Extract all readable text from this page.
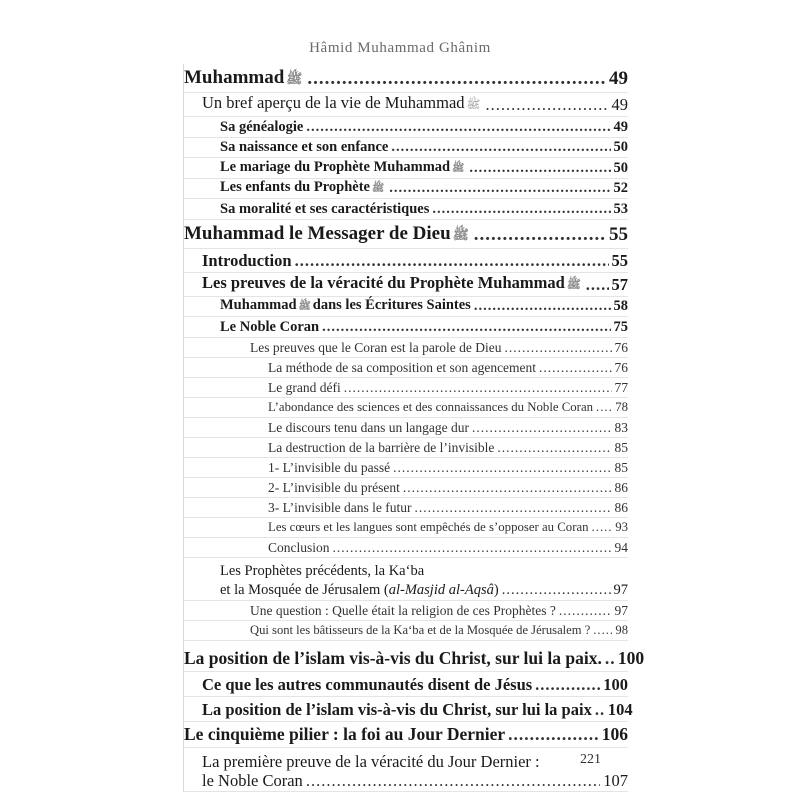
Hâmid Muhammad Ghânim
Muhammad ﷺ .....	49
Un bref aperçu de la vie de Muhammad ﷺ .....	49
Sa généalogie .....	49
Sa naissance et son enfance .....	50
Le mariage du Prophète Muhammad ﷺ .....	50
Les enfants du Prophète ﷺ .....	52
Sa moralité et ses caractéristiques .....	53
Muhammad le Messager de Dieu ﷺ .....	55
Introduction .....	55
Les preuves de la véracité du Prophète Muhammad ﷺ .....	57
Muhammad ﷺ dans les Écritures Saintes .....	58
Le Noble Coran .....	75
Les preuves que le Coran est la parole de Dieu .....	76
La méthode de sa composition et son agencement .....	76
Le grand défi .....	77
L’abondance des sciences et des connaissances du Noble Coran ..... 78
Le discours tenu dans un langage dur .....	83
La destruction de la barrière de l’invisible .....	85
1- L’invisible du passé .....	85
2- L’invisible du présent .....	86
3- L’invisible dans le futur .....	86
Les cœurs et les langues sont empêchés de s’opposer au Coran ..... 93
Conclusion .....	94
Les Prophètes précédents, la Ka‘ba
et la Mosquée de Jérusalem (al-Masjid al-Aqsâ) .....	97
Une question : Quelle était la religion de ces Prophètes ? .....	97
Qui sont les bâtisseurs de la Ka‘ba et de la Mosquée de Jérusalem ? ..... 98
La position de l’islam vis-à-vis du Christ, sur lui la paix. ..... 100
Ce que les autres communautés disent de Jésus .....	100
La position de l’islam vis-à-vis du Christ, sur lui la paix ..... 104
Le cinquième pilier : la foi au Jour Dernier .....	106
La première preuve de la véracité du Jour Dernier :
le Noble Coran .....	107
221
